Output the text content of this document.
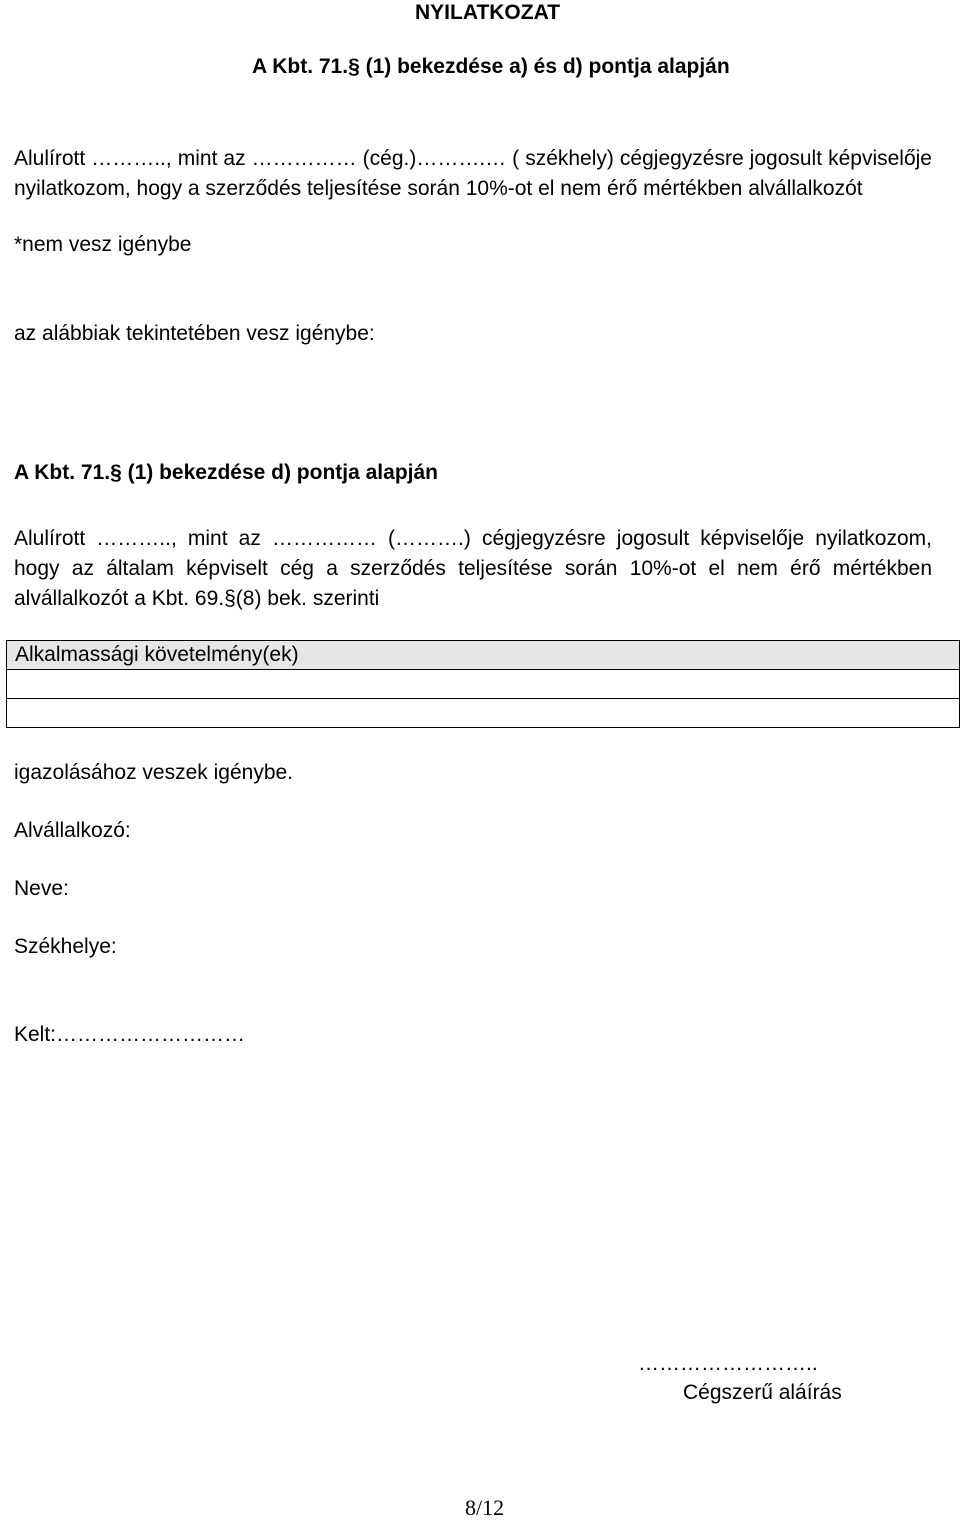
NYILATKOZAT
A Kbt. 71.§ (1) bekezdése a) és d) pontja alapján
Alulírott ……….., mint az …………… (cég.)……….… ( székhely) cégjegyzésre jogosult képviselője nyilatkozom, hogy a szerződés teljesítése során 10%-ot el nem érő mértékben alvállalkozót
*nem vesz igénybe
az alábbiak tekintetében vesz igénybe:
A Kbt. 71.§ (1) bekezdése d) pontja alapján
Alulírott ……….., mint az …………… (……….) cégjegyzésre jogosult képviselője nyilatkozom, hogy az általam képviselt cég a szerződés teljesítése során 10%-ot el nem érő mértékben alvállalkozót a Kbt. 69.§(8) bek. szerinti
Alkalmassági követelmény(ek)

igazolásához veszek igénybe.
Alvállalkozó:
Neve:
Székhelye:
Kelt:………………………
……………………..
Cégszerű aláírás
8/12
